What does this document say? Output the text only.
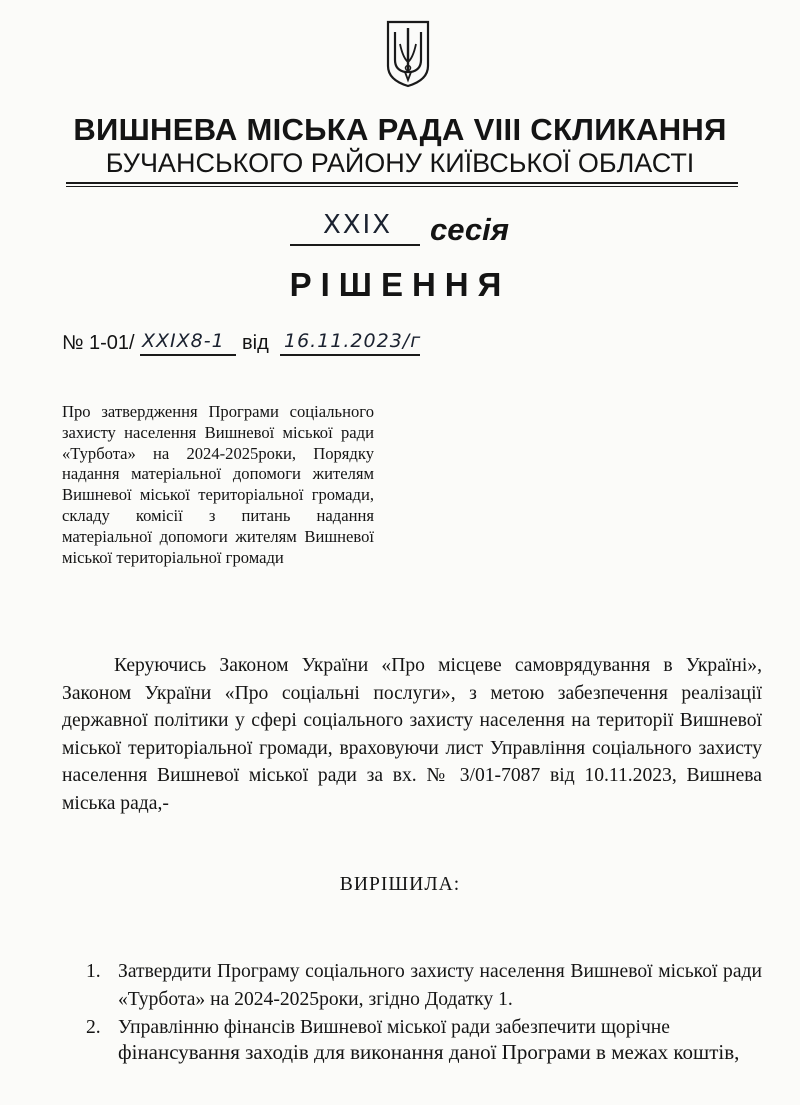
ВИШНЕВА МІСЬКА РАДА VIII СКЛИКАННЯ
БУЧАНСЬКОГО РАЙОНУ КИЇВСЬКОЇ ОБЛАСТІ
XXIX	сесія
РІШЕННЯ
№ 1-01/ XXIX8-1 від 16.11.2023/г
Про затвердження Програми соціального захисту населення Вишневої міської ради «Турбота» на 2024-2025роки, Порядку надання матеріальної допомоги жителям Вишневої міської територіальної громади, складу комісії з питань надання матеріальної допомоги жителям Вишневої міської територіальної громади
Керуючись Законом України «Про місцеве самоврядування в Україні», Законом України «Про соціальні послуги», з метою забезпечення реалізації державної політики у сфері соціального захисту населення на території Вишневої міської територіальної громади, враховуючи лист Управління соціального захисту населення Вишневої міської ради за вх. № 3/01-7087 від 10.11.2023, Вишнева міська рада,-
ВИРІШИЛА:
1. Затвердити Програму соціального захисту населення Вишневої міської ради «Турбота» на 2024-2025роки, згідно Додатку 1.
2. Управлінню фінансів Вишневої міської ради забезпечити щорічне
фінансування заходів для виконання даної Програми в межах коштів,
